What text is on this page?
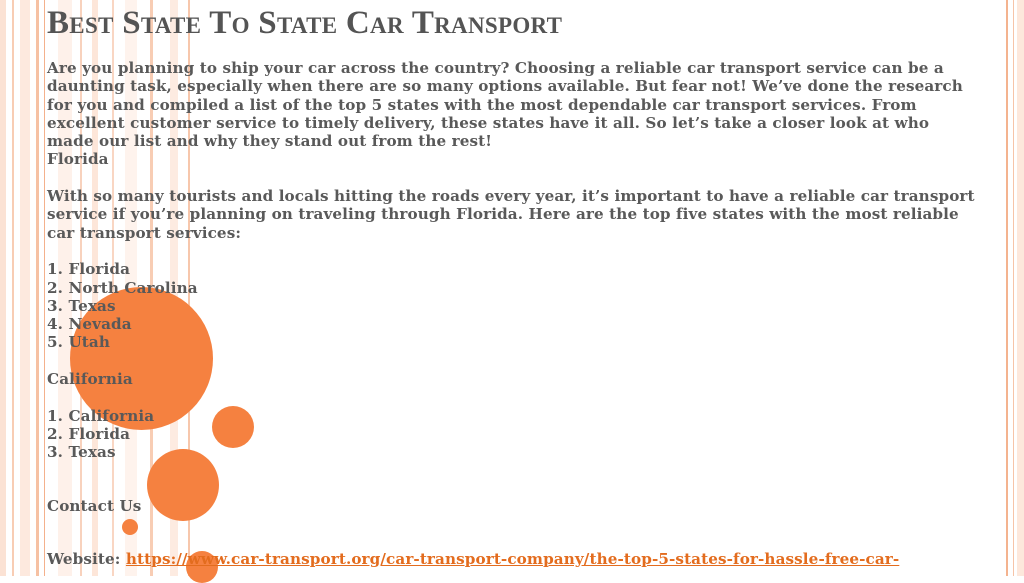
Best State To State Car Transport

Are you planning to ship your car across the country? Choosing a reliable car transport service can be a daunting task, especially when there are so many options available. But fear not! We’ve done the research for you and compiled a list of the top 5 states with the most dependable car transport services. From excellent customer service to timely delivery, these states have it all. So let’s take a closer look at who made our list and why they stand out from the rest!

Florida

With so many tourists and locals hitting the roads every year, it’s important to have a reliable car transport service if you’re planning on traveling through Florida. Here are the top five states with the most reliable car transport services:

1. Florida
2. North Carolina
3. Texas
4. Nevada
5. Utah
California
1. California
2. Florida
3. Texas
Contact Us
Website: https://www.car-transport.org/car-transport-company/the-top-5-states-for-hassle-free-car-
